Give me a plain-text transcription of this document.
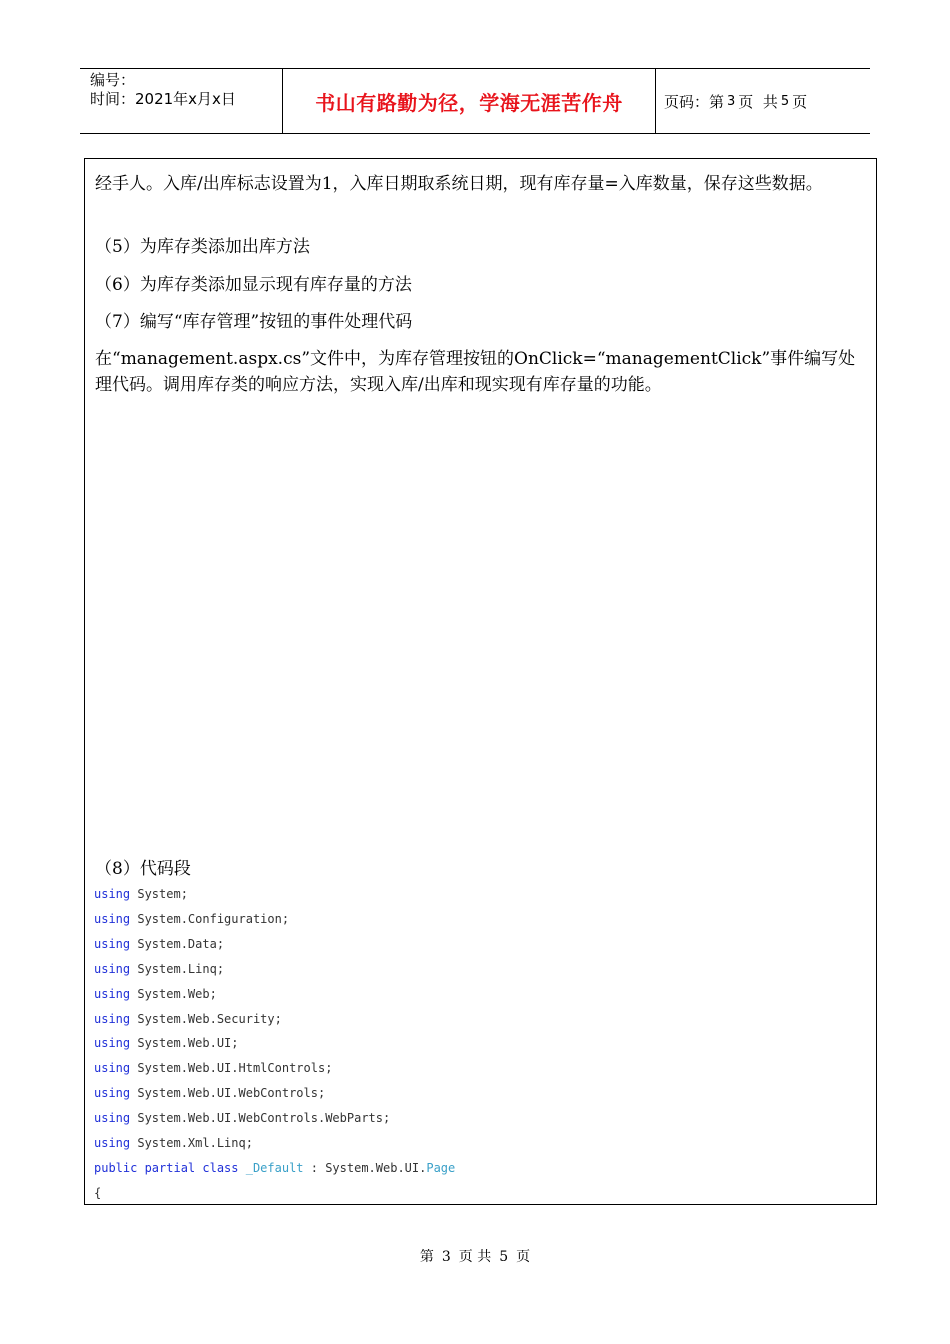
编号：
时间：2021年x月x日	书山有路勤为径，学海无涯苦作舟	页码：第 3 页  共 5 页

经手人。入库/出库标志设置为1，入库日期取系统日期，现有库存量=入库数量，保存这些数据。

（5）为库存类添加出库方法

（6）为库存类添加显示现有库存量的方法

（7）编写“库存管理”按钮的事件处理代码

在“management.aspx.cs”文件中，为库存管理按钮的OnClick=“managementClick”事件编写处理代码。调用库存类的响应方法，实现入库/出库和现实现有库存量的功能。

（8）代码段

using System;
using System.Configuration;
using System.Data;
using System.Linq;
using System.Web;
using System.Web.Security;
using System.Web.UI;
using System.Web.UI.HtmlControls;
using System.Web.UI.WebControls;
using System.Web.UI.WebControls.WebParts;
using System.Xml.Linq;
public partial class _Default : System.Web.UI.Page
{
第 3 页 共 5 页
